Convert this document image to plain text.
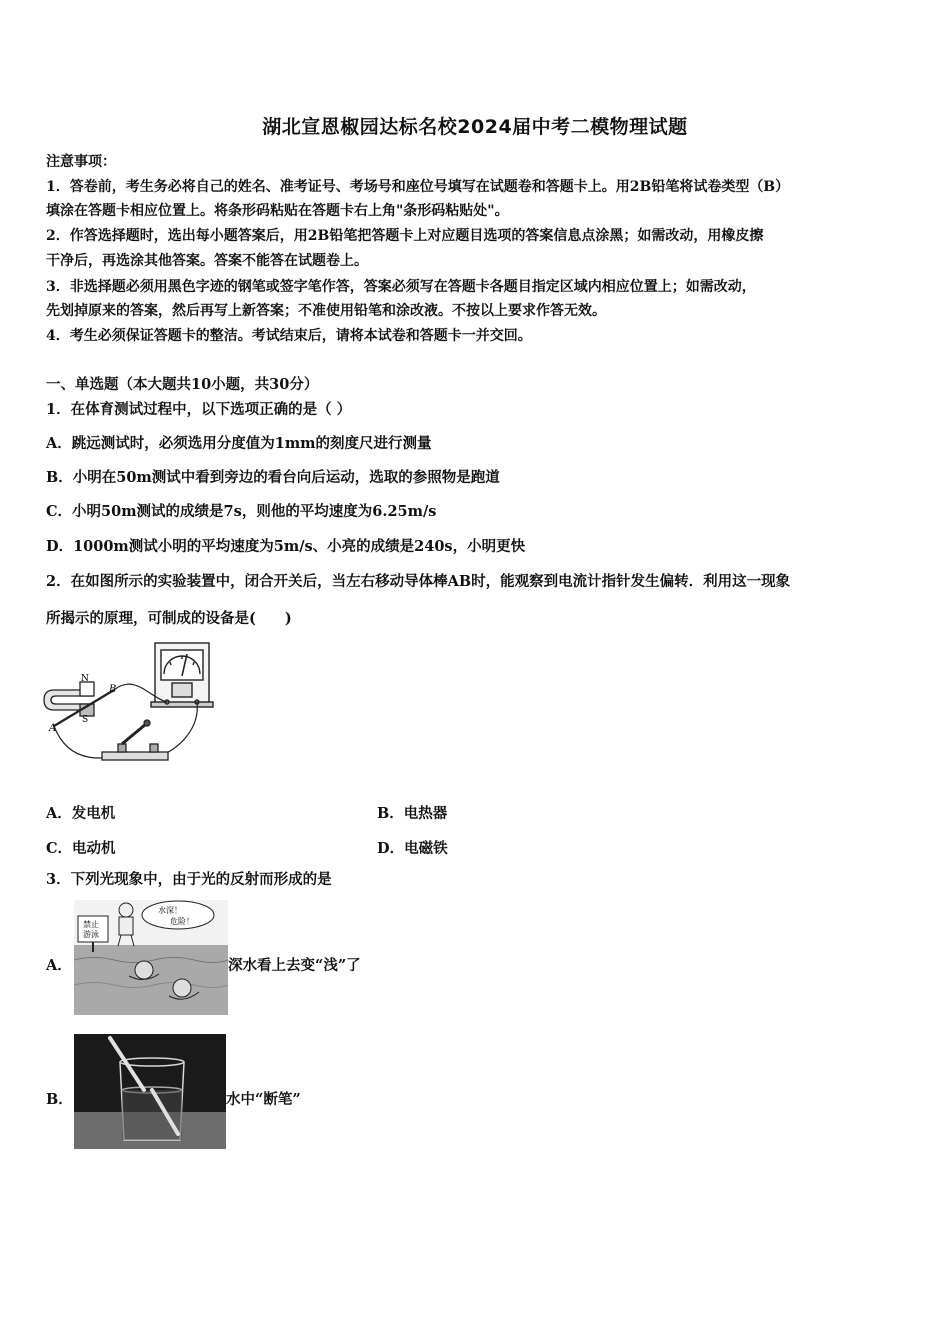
湖北宣恩椒园达标名校2024届中考二模物理试题
注意事项：
1．答卷前，考生务必将自己的姓名、准考证号、考场号和座位号填写在试题卷和答题卡上。用2B铅笔将试卷类型（B）
填涂在答题卡相应位置上。将条形码粘贴在答题卡右上角"条形码粘贴处"。
2．作答选择题时，选出每小题答案后，用2B铅笔把答题卡上对应题目选项的答案信息点涂黑；如需改动，用橡皮擦
干净后，再选涂其他答案。答案不能答在试题卷上。
3．非选择题必须用黑色字迹的钢笔或签字笔作答，答案必须写在答题卡各题目指定区域内相应位置上；如需改动，
先划掉原来的答案，然后再写上新答案；不准使用铅笔和涂改液。不按以上要求作答无效。
4．考生必须保证答题卡的整洁。考试结束后，请将本试卷和答题卡一并交回。
一、单选题（本大题共10小题，共30分）
1．在体育测试过程中，以下选项正确的是（ ）
A．跳远测试时，必须选用分度值为1mm的刻度尺进行测量
B．小明在50m测试中看到旁边的看台向后运动，选取的参照物是跑道
C．小明50m测试的成绩是7s，则他的平均速度为6.25m/s
D．1000m测试小明的平均速度为5m/s、小亮的成绩是240s，小明更快
2．在如图所示的实验装置中，闭合开关后，当左右移动导体棒AB时，能观察到电流计指针发生偏转．利用这一现象
所揭示的原理，可制成的设备是(　　)
N
S
B
A
A．发电机	B．电热器
C．电动机	D．电磁铁
3．下列光现象中，由于光的反射而形成的是
A．
禁止
游泳
水深！
危险！
深水看上去变“浅”了
B．	水中“断笔”
